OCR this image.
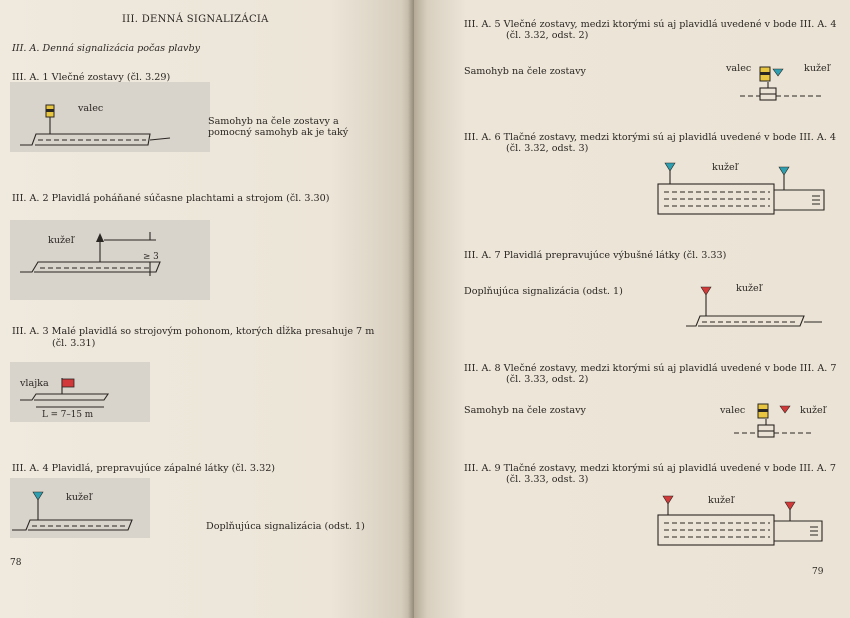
III. DENNÁ SIGNALIZÁCIA
III. A. Denná signalizácia počas plavby
III. A. 1 Vlečné zostavy (čl. 3.29)
valec
Samohyb na čele zostavy a pomocný samohyb ak je taký
III. A. 2 Plavidlá poháňané súčasne plachtami a strojom (čl. 3.30)
kužeľ
≥ 3
III. A. 3 Malé plavidlá so strojovým pohonom, ktorých dĺžka presahuje 7 m
(čl. 3.31)
vlajka
L = 7–15 m
III. A. 4 Plavidlá, prepravujúce zápalné látky (čl. 3.32)
kužeľ
Doplňujúca signalizácia (odst. 1)
78
III. A. 5 Vlečné zostavy, medzi ktorými sú aj plavidlá uvedené v bode III. A. 4
(čl. 3.32, odst. 2)
Samohyb na čele zostavy	valec	kužeľ
III. A. 6 Tlačné zostavy, medzi ktorými sú aj plavidlá uvedené v bode III. A. 4
(čl. 3.32, odst. 3)
kužeľ
III. A. 7 Plavidlá prepravujúce výbušné látky (čl. 3.33)
Doplňujúca signalizácia (odst. 1)	kužeľ
III. A. 8 Vlečné zostavy, medzi ktorými sú aj plavidlá uvedené v bode III. A. 7
(čl. 3.33, odst. 2)
Samohyb na čele zostavy	valec	kužeľ
III. A. 9 Tlačné zostavy, medzi ktorými sú aj plavidlá uvedené v bode III. A. 7
(čl. 3.33, odst. 3)
kužeľ
79
